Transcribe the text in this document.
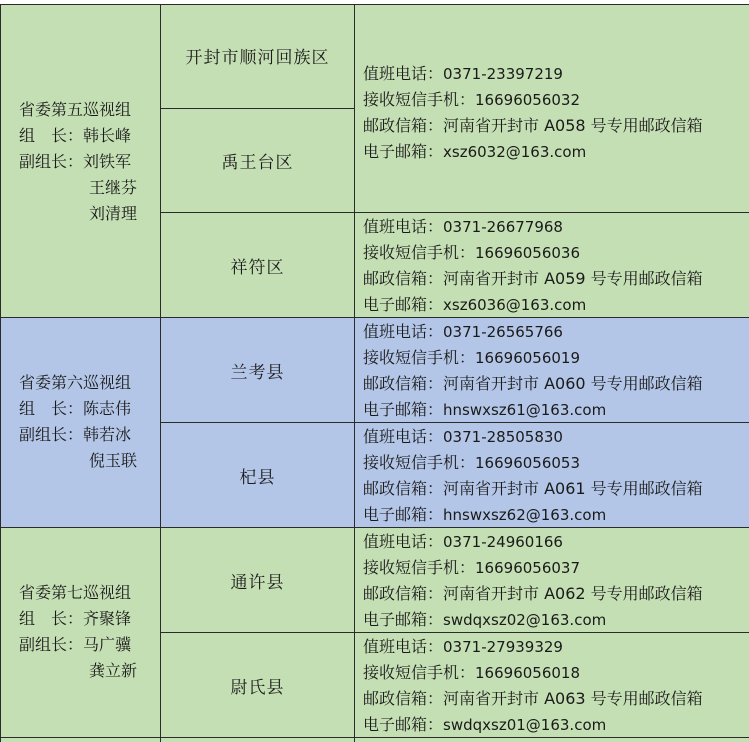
省委第五巡视组
组　长：韩长峰
副组长：刘铁军
王继芬
刘清理
开封市顺河回族区
禹王台区
祥符区
值班电话：0371-23397219
接收短信手机：16696056032
邮政信箱：河南省开封市 A058 号专用邮政信箱
电子邮箱：xsz6032@163.com
值班电话：0371-26677968
接收短信手机：16696056036
邮政信箱：河南省开封市 A059 号专用邮政信箱
电子邮箱：xsz6036@163.com
省委第六巡视组
组　长：陈志伟
副组长：韩若冰
倪玉联
兰考县
杞县
值班电话：0371-26565766
接收短信手机：16696056019
邮政信箱：河南省开封市 A060 号专用邮政信箱
电子邮箱：hnswxsz61@163.com
值班电话：0371-28505830
接收短信手机：16696056053
邮政信箱：河南省开封市 A061 号专用邮政信箱
电子邮箱：hnswxsz62@163.com
省委第七巡视组
组　长：齐聚锋
副组长：马广骥
龚立新
通许县
尉氏县
值班电话：0371-24960166
接收短信手机：16696056037
邮政信箱：河南省开封市 A062 号专用邮政信箱
电子邮箱：swdqxsz02@163.com
值班电话：0371-27939329
接收短信手机：16696056018
邮政信箱：河南省开封市 A063 号专用邮政信箱
电子邮箱：swdqxsz01@163.com
